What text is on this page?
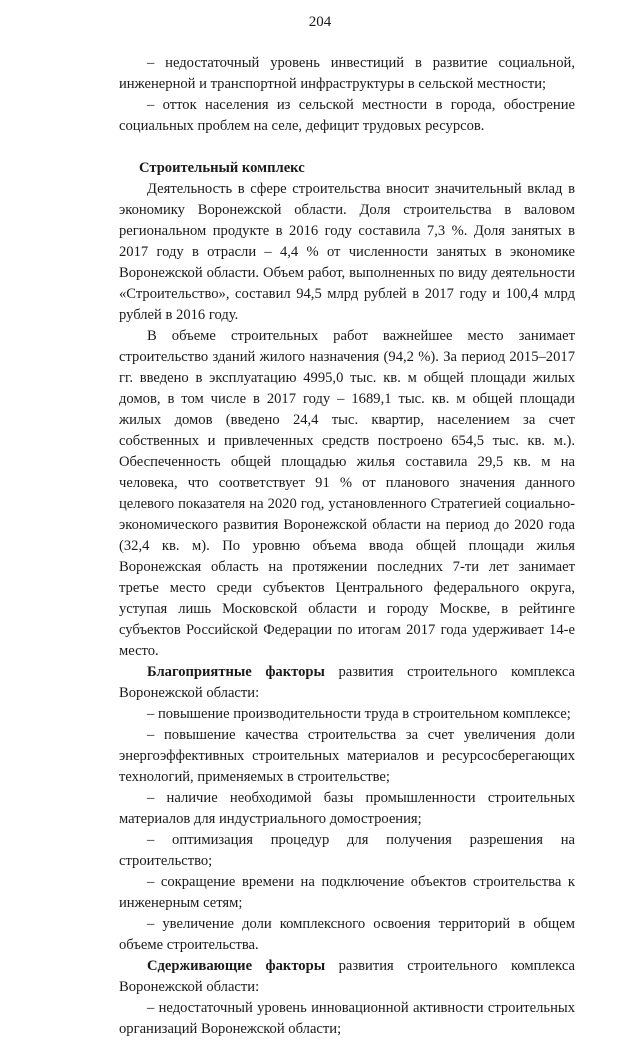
204

– недостаточный уровень инвестиций в развитие социальной, инженерной и транспортной инфраструктуры в сельской местности;

– отток населения из сельской местности в города, обострение социальных проблем на селе, дефицит трудовых ресурсов.

Строительный комплекс

Деятельность в сфере строительства вносит значительный вклад в экономику Воронежской области. Доля строительства в валовом региональном продукте в 2016 году составила 7,3 %. Доля занятых в 2017 году в отрасли – 4,4 % от численности занятых в экономике Воронежской области. Объем работ, выполненных по виду деятельности «Строительство», составил 94,5 млрд рублей в 2017 году и 100,4 млрд рублей в 2016 году.

В объеме строительных работ важнейшее место занимает строительство зданий жилого назначения (94,2 %). За период 2015–2017 гг. введено в эксплуатацию 4995,0 тыс. кв. м общей площади жилых домов, в том числе в 2017 году – 1689,1 тыс. кв. м общей площади жилых домов (введено 24,4 тыс. квартир, населением за счет собственных и привлеченных средств построено 654,5 тыс. кв. м.). Обеспеченность общей площадью жилья составила 29,5 кв. м на человека, что соответствует 91 % от планового значения данного целевого показателя на 2020 год, установленного Стратегией социально-экономического развития Воронежской области на период до 2020 года (32,4 кв. м). По уровню объема ввода общей площади жилья Воронежская область на протяжении последних 7-ти лет занимает третье место среди субъектов Центрального федерального округа, уступая лишь Московской области и городу Москве, в рейтинге субъектов Российской Федерации по итогам 2017 года удерживает 14-е место.

Благоприятные факторы развития строительного комплекса Воронежской области:

– повышение производительности труда в строительном комплексе;

– повышение качества строительства за счет увеличения доли энергоэффективных строительных материалов и ресурсосберегающих технологий, применяемых в строительстве;

– наличие необходимой базы промышленности строительных материалов для индустриального домостроения;

– оптимизация процедур для получения разрешения на строительство;

– сокращение времени на подключение объектов строительства к инженерным сетям;

– увеличение доли комплексного освоения территорий в общем объеме строительства.

Сдерживающие факторы развития строительного комплекса Воронежской области:

– недостаточный уровень инновационной активности строительных организаций Воронежской области;
